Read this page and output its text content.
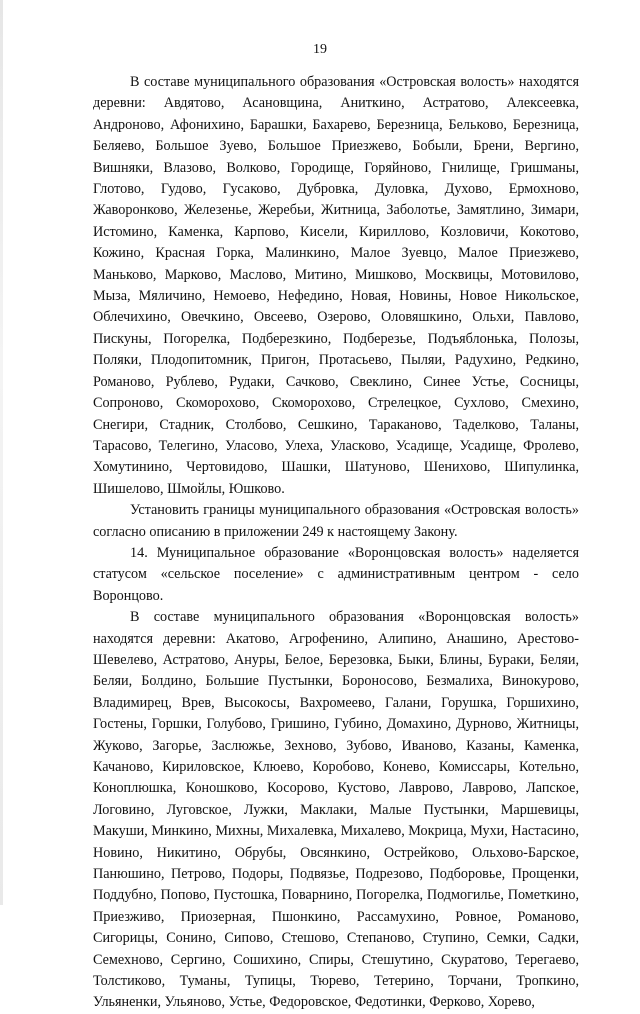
19

В составе муниципального образования «Островская волость» находятся деревни: Авдятово, Асановщина, Аниткино, Астратово, Алексеевка, Андроново, Афонихино, Барашки, Бахарево, Березница, Бельково, Березница, Беляево, Большое Зуево, Большое Приезжево, Бобыли, Брени, Вергино, Вишняки, Влазово, Волково, Городище, Горяйново, Гнилище, Гришманы, Глотово, Гудово, Гусаково, Дубровка, Дуловка, Духово, Ермохново, Жаворонково, Железенье, Жеребьи, Житница, Заболотье, Замятлино, Зимари, Истомино, Каменка, Карпово, Кисели, Кириллово, Козловичи, Кокотово, Кожино, Красная Горка, Малинкино, Малое Зуевцо, Малое Приезжево, Маньково, Марково, Маслово, Митино, Мишково, Москвицы, Мотовилово, Мыза, Мяличино, Немоево, Нефедино, Новая, Новины, Новое Никольское, Облечихино, Овечкино, Овсеево, Озерово, Оловяшкино, Ольхи, Павлово, Пискуны, Погорелка, Подберезкино, Подберезье, Подъяблонька, Полозы, Поляки, Плодопитомник, Пригон, Протасьево, Пыляи, Радухино, Редкино, Романово, Рублево, Рудаки, Сачково, Свеклино, Синее Устье, Сосницы, Сопроново, Скоморохово, Скоморохово, Стрелецкое, Сухлово, Смехино, Снегири, Стадник, Столбово, Сешкино, Тараканово, Таделково, Таланы, Тарасово, Телегино, Уласово, Улеха, Уласково, Усадище, Усадище, Фролево, Хомутинино, Чертовидово, Шашки, Шатуново, Шенихово, Шипулинка, Шишелово, Шмойлы, Юшково.

Установить границы муниципального образования «Островская волость» согласно описанию в приложении 249 к настоящему Закону.

14. Муниципальное образование «Воронцовская волость» наделяется статусом «сельское поселение» с административным центром - село Воронцово.

В составе муниципального образования «Воронцовская волость» находятся деревни: Акатово, Агрофенино, Алипино, Анашино, Арестово-Шевелево, Астратово, Ануры, Белое, Березовка, Быки, Блины, Бураки, Беляи, Беляи, Болдино, Большие Пустынки, Бороносово, Безмалиха, Винокурово, Владимирец, Врев, Высокосы, Вахромеево, Галани, Горушка, Горшихино, Гостены, Горшки, Голубово, Гришино, Губино, Домахино, Дурново, Житницы, Жуково, Загорье, Заслюжье, Зехново, Зубово, Иваново, Казаны, Каменка, Качаново, Кириловское, Клюево, Коробово, Конево, Комиссары, Котельно, Коноплюшка, Коношково, Косорово, Кустово, Лаврово, Лаврово, Лапское, Логовино, Луговское, Лужки, Маклаки, Малые Пустынки, Маршевицы, Макуши, Минкино, Михны, Михалевка, Михалево, Мокрица, Мухи, Настасино, Новино, Никитино, Обрубы, Овсянкино, Острейково, Ольхово-Барское, Панюшино, Петрово, Подоры, Подвязье, Подрезово, Подборовье, Прощенки, Поддубно, Попово, Пустошка, Поварнино, Погорелка, Подмогилье, Пометкино, Приезживо, Приозерная, Пшонкино, Рассамухино, Ровное, Романово, Сигорицы, Сонино, Сипово, Стешово, Степаново, Ступино, Семки, Садки, Семехново, Сергино, Сошихино, Спиры, Стешутино, Скуратово, Терегаево, Толстиково, Туманы, Тупицы, Тюрево, Тетерино, Торчани, Тропкино, Ульяненки, Ульяново, Устье, Федоровское, Федотинки, Ферково, Хорево,
